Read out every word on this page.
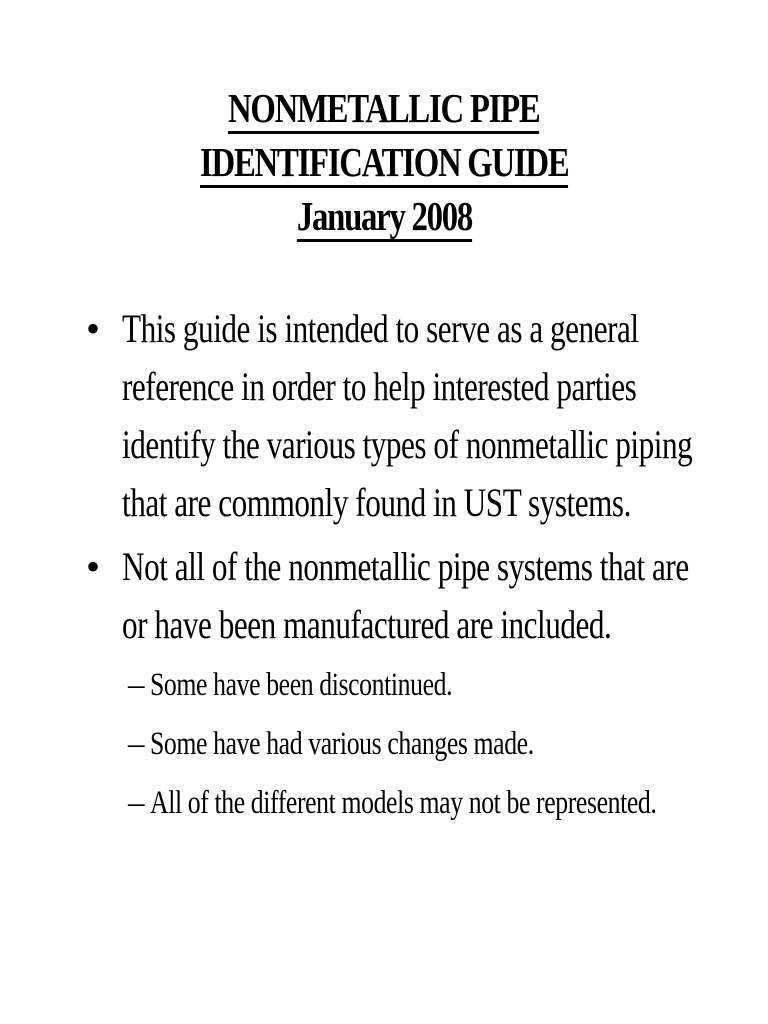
NONMETALLIC PIPE
IDENTIFICATION GUIDE
January 2008
• This guide is intended to serve as a general reference in order to help interested parties identify the various types of nonmetallic piping that are commonly found in UST systems.
• Not all of the nonmetallic pipe systems that are or have been manufactured are included.
– Some have been discontinued.
– Some have had various changes made.
– All of the different models may not be represented.
